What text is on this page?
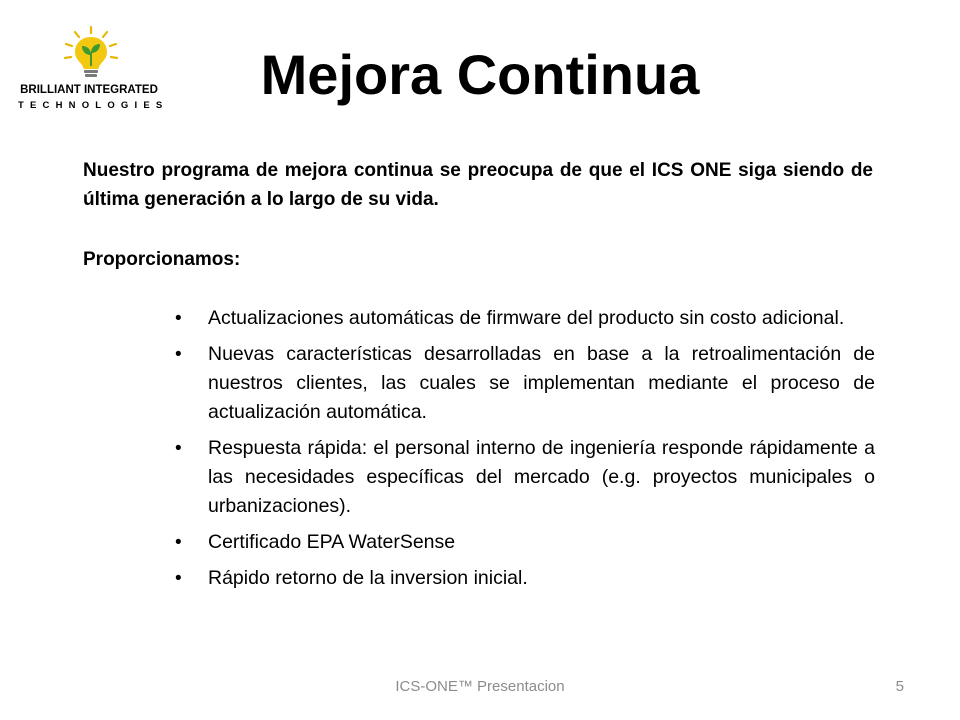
BRILLIANT INTEGRATED
TECHNOLOGIES	Mejora Continua

Nuestro programa de mejora continua se preocupa de que el ICS ONE siga siendo de última generación a lo largo de su vida.

Proporcionamos:

•	Actualizaciones automáticas de firmware del producto sin costo adicional.
•	Nuevas características desarrolladas en base a la retroalimentación de nuestros clientes, las cuales se implementan mediante el proceso de actualización automática.
•	Respuesta rápida: el personal interno de ingeniería responde rápidamente a las necesidades específicas del mercado (e.g. proyectos municipales o urbanizaciones).
•	Certificado EPA WaterSense
•	Rápido retorno de la inversion inicial.
ICS-ONE™ Presentacion	5
